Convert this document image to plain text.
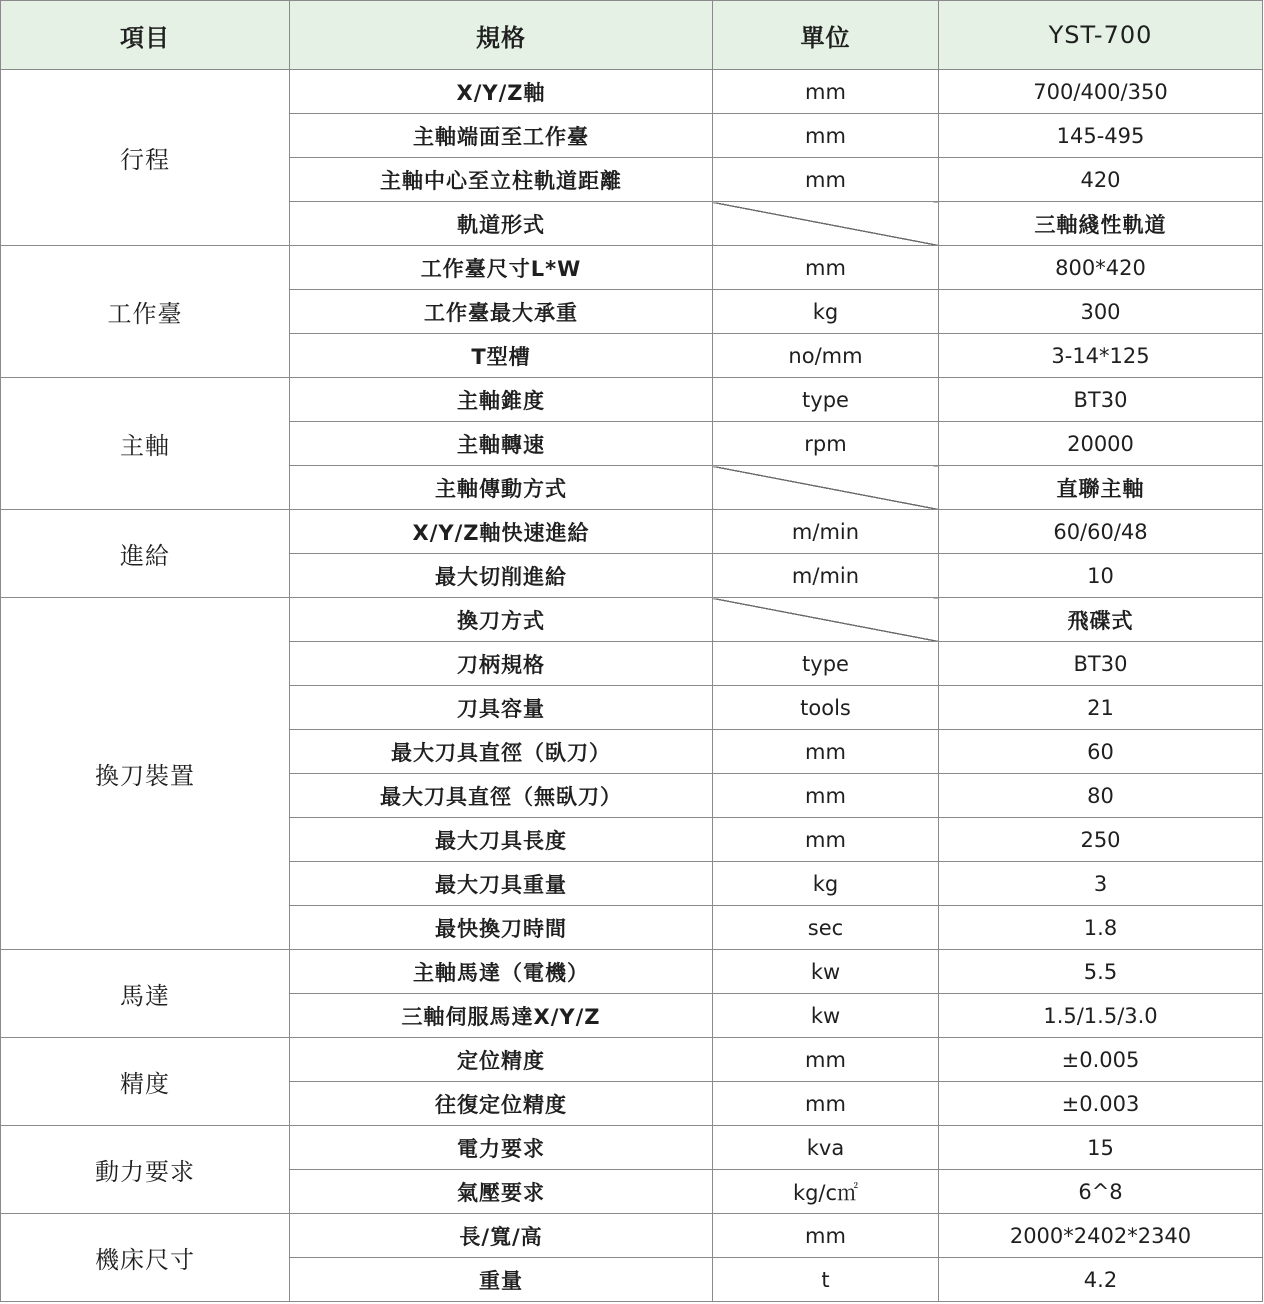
項目	規格	單位	YST-700
行程	X/Y/Z軸	mm	700/400/350
	主軸端面至工作臺	mm	145-495
	主軸中心至立柱軌道距離	mm	420
	軌道形式		三軸綫性軌道
工作臺	工作臺尺寸L*W	mm	800*420
	工作臺最大承重	kg	300
	T型槽	no/mm	3-14*125
主軸	主軸錐度	type	BT30
	主軸轉速	rpm	20000
	主軸傳動方式		直聯主軸
進給	X/Y/Z軸快速進給	m/min	60/60/48
	最大切削進給	m/min	10
換刀裝置	換刀方式		飛碟式
	刀柄規格	type	BT30
	刀具容量	tools	21
	最大刀具直徑（臥刀）	mm	60
	最大刀具直徑（無臥刀）	mm	80
	最大刀具長度	mm	250
	最大刀具重量	kg	3
	最快換刀時間	sec	1.8
馬達	主軸馬達（電機）	kw	5.5
	三軸伺服馬達X/Y/Z	kw	1.5/1.5/3.0
精度	定位精度	mm	±0.005
	往復定位精度	mm	±0.003
動力要求	電力要求	kva	15
	氣壓要求	kg/c㎡	6^8
機床尺寸	長/寬/高	mm	2000*2402*2340
	重量	t	4.2
